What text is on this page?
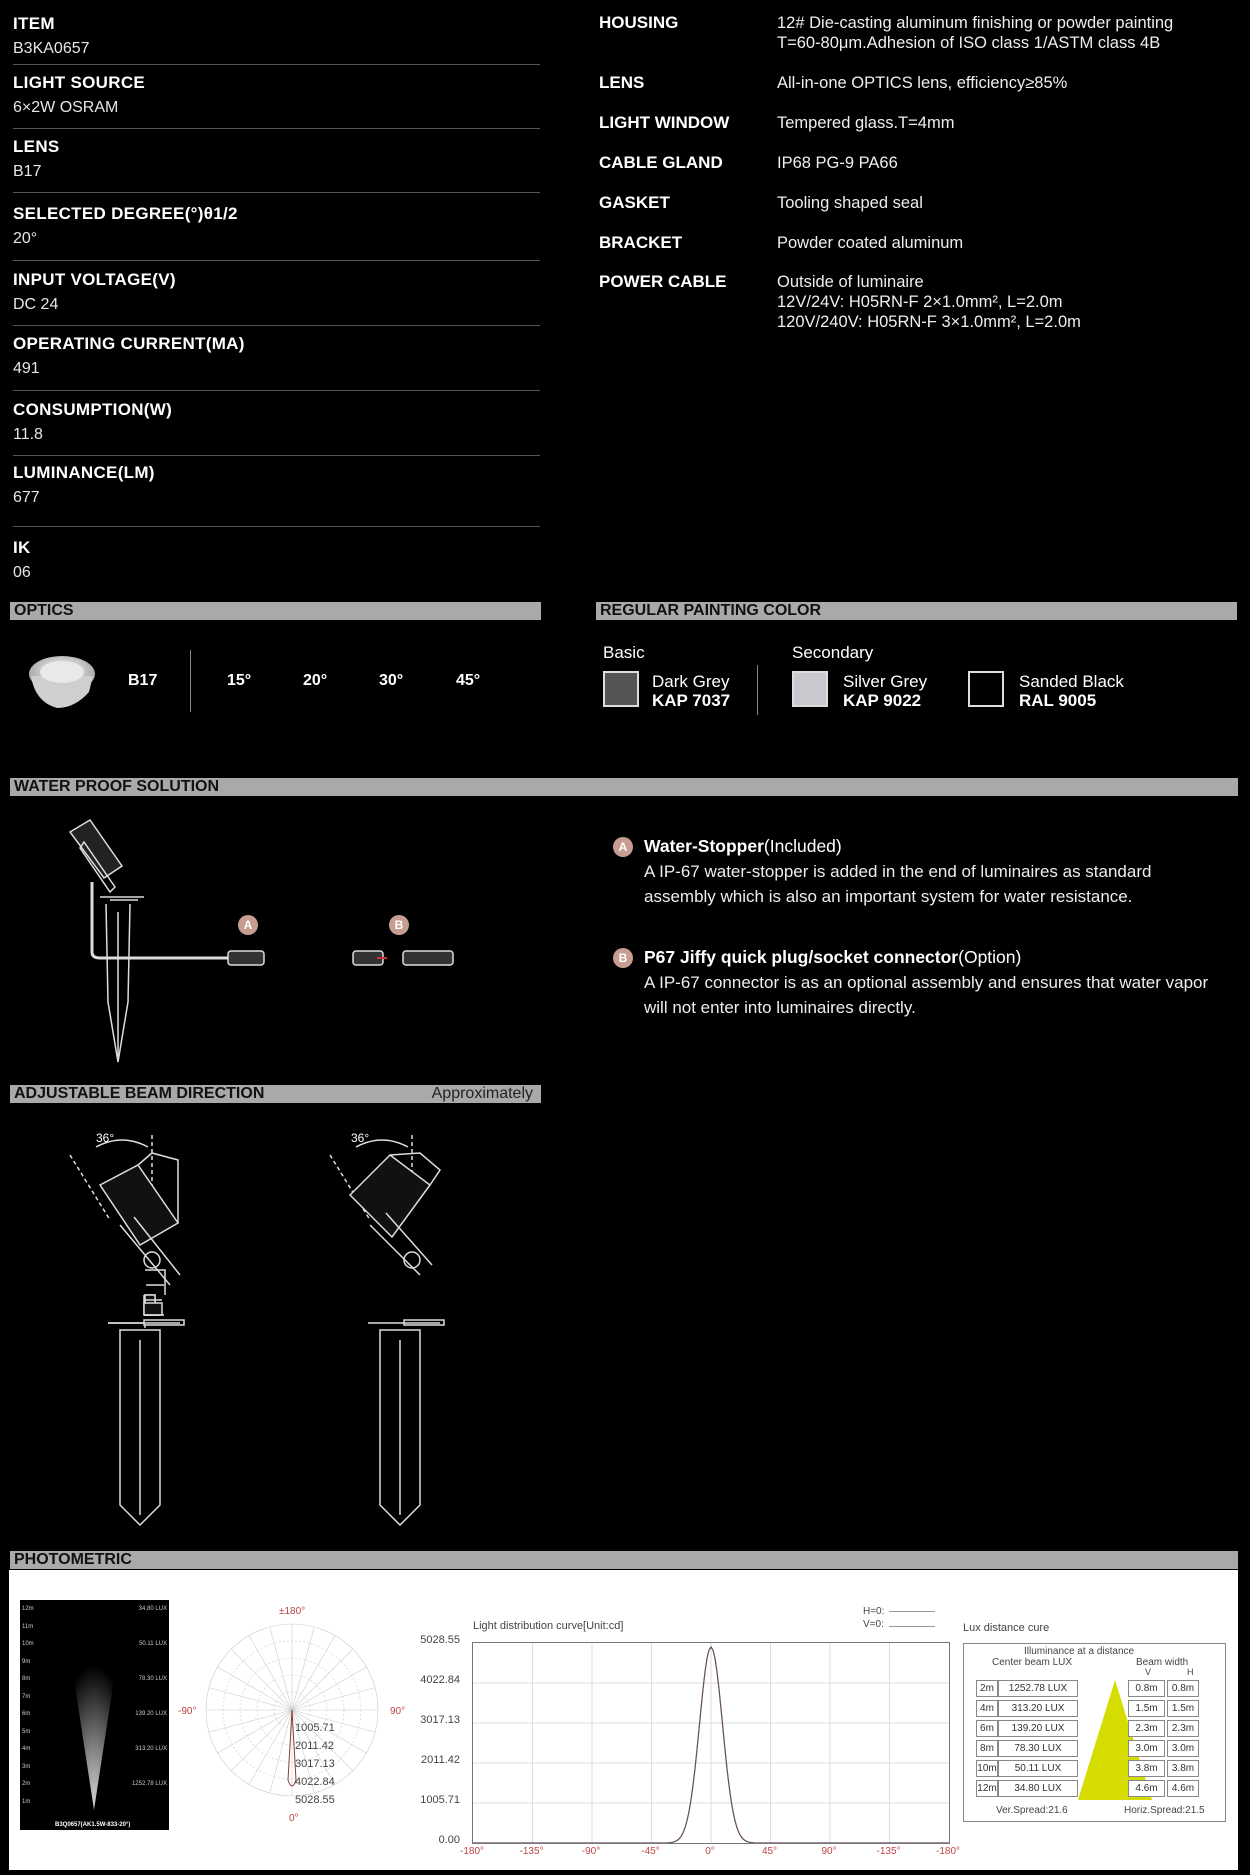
ITEM
B3KA0657
LIGHT SOURCE
6×2W OSRAM
LENS
B17
SELECTED DEGREE(°)θ1/2
20°
INPUT VOLTAGE(V)
DC 24
OPERATING CURRENT(MA)
491
CONSUMPTION(W)
11.8
LUMINANCE(LM)
677
IK
06
HOUSING	12# Die-casting aluminum finishing or powder painting
T=60-80μm.Adhesion of ISO class 1/ASTM class 4B
LENS	All-in-one OPTICS lens, efficiency≥85%
LIGHT WINDOW	Tempered glass.T=4mm
CABLE GLAND	IP68 PG-9 PA66
GASKET	Tooling shaped seal
BRACKET	Powder coated aluminum
POWER CABLE	Outside of luminaire
12V/24V: H05RN-F 2×1.0mm², L=2.0m
120V/240V: H05RN-F 3×1.0mm², L=2.0m
OPTICS
B17	15°	20°	30°	45°
REGULAR PAINTING COLOR
Basic	Secondary
Dark Grey
KAP 7037
Silver Grey
KAP 9022
Sanded Black
RAL 9005
WATER PROOF SOLUTION
A	B
A Water-Stopper(Included)
A IP-67 water-stopper is added in the end of luminaires as standard assembly which is also an important system for water resistance.
B P67 Jiffy quick plug/socket connector(Option)
A IP-67 connector is as an optional assembly and ensures that water vapor will not enter into luminaires directly.
ADJUSTABLE BEAM DIRECTION	Approximately
36°	36°
PHOTOMETRIC
12m
11m
10m
9m
8m
7m
6m
5m
4m
3m
2m
1m
34.80 LUX
50.11 LUX
78.30 LUX
139.20 LUX
313.20 LUX
1252.78 LUX
B3Q0657(AK1.5W-833-20°)
±180°
-90°	90°
0°
1005.71
2011.42
3017.13
4022.84
5028.55
Light distribution curve[Unit:cd]
H=0:
V=0:
5028.55
4022.84
3017.13
2011.42
1005.71
0.00
-180°	-135°	-90°	-45°	0°	45°	90°	-135°	-180°
Lux distance cure
Illuminance at a distance
Center beam LUX	Beam width
V	H
2m	1252.78 LUX	0.8m	0.8m
4m	313.20 LUX	1.5m	1.5m
6m	139.20 LUX	2.3m	2.3m
8m	78.30 LUX	3.0m	3.0m
10m	50.11 LUX	3.8m	3.8m
12m	34.80 LUX	4.6m	4.6m
Ver.Spread:21.6	Horiz.Spread:21.5
